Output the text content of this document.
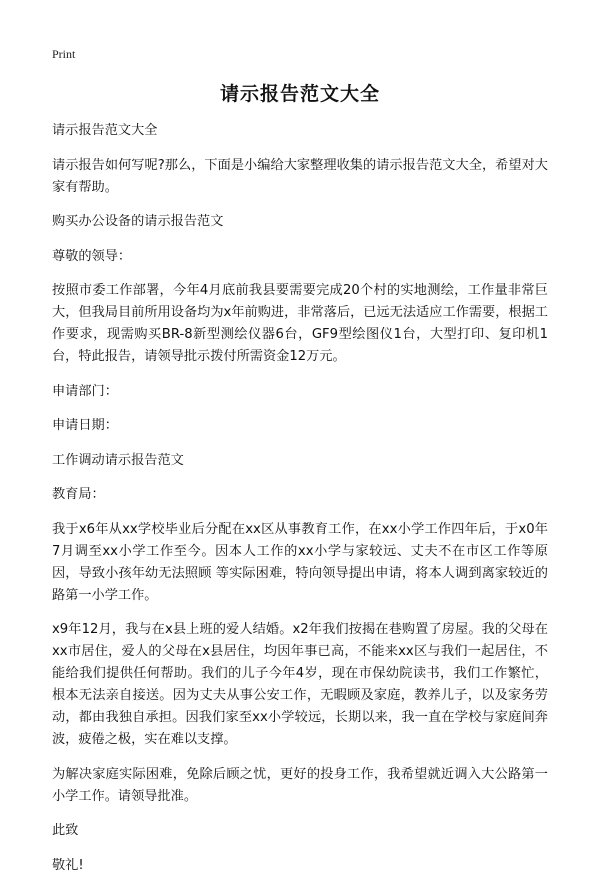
Print
请示报告范文大全

请示报告范文大全

请示报告如何写呢?那么，下面是小编给大家整理收集的请示报告范文大全，希望对大家有帮助。

购买办公设备的请示报告范文

尊敬的领导：

按照市委工作部署，今年4月底前我县要需要完成20个村的实地测绘，工作量非常巨大，但我局目前所用设备均为x年前购进，非常落后，已远无法适应工作需要，根据工作要求，现需购买BR-8新型测绘仪器6台，GF9型绘图仪1台，大型打印、复印机1台，特此报告，请领导批示拨付所需资金12万元。

申请部门：

申请日期：

工作调动请示报告范文

教育局：

我于x6年从xx学校毕业后分配在xx区从事教育工作，在xx小学工作四年后，于x0年7月调至xx小学工作至今。因本人工作的xx小学与家较远、丈夫不在市区工作等原因，导致小孩年幼无法照顾 等实际困难，特向领导提出申请，将本人调到离家较近的路第一小学工作。

x9年12月，我与在x县上班的爱人结婚。x2年我们按揭在巷购置了房屋。我的父母在xx市居住，爱人的父母在x县居住，均因年事已高，不能来xx区与我们一起居住，不能给我们提供任何帮助。我们的儿子今年4岁，现在市保幼院读书，我们工作繁忙，根本无法亲自接送。因为丈夫从事公安工作，无暇顾及家庭，教养儿子，以及家务劳动，都由我独自承担。因我们家至xx小学较远，长期以来，我一直在学校与家庭间奔波，疲倦之极，实在难以支撑。

为解决家庭实际困难，免除后顾之忧，更好的投身工作，我希望就近调入大公路第一小学工作。请领导批准。

此致

敬礼!
